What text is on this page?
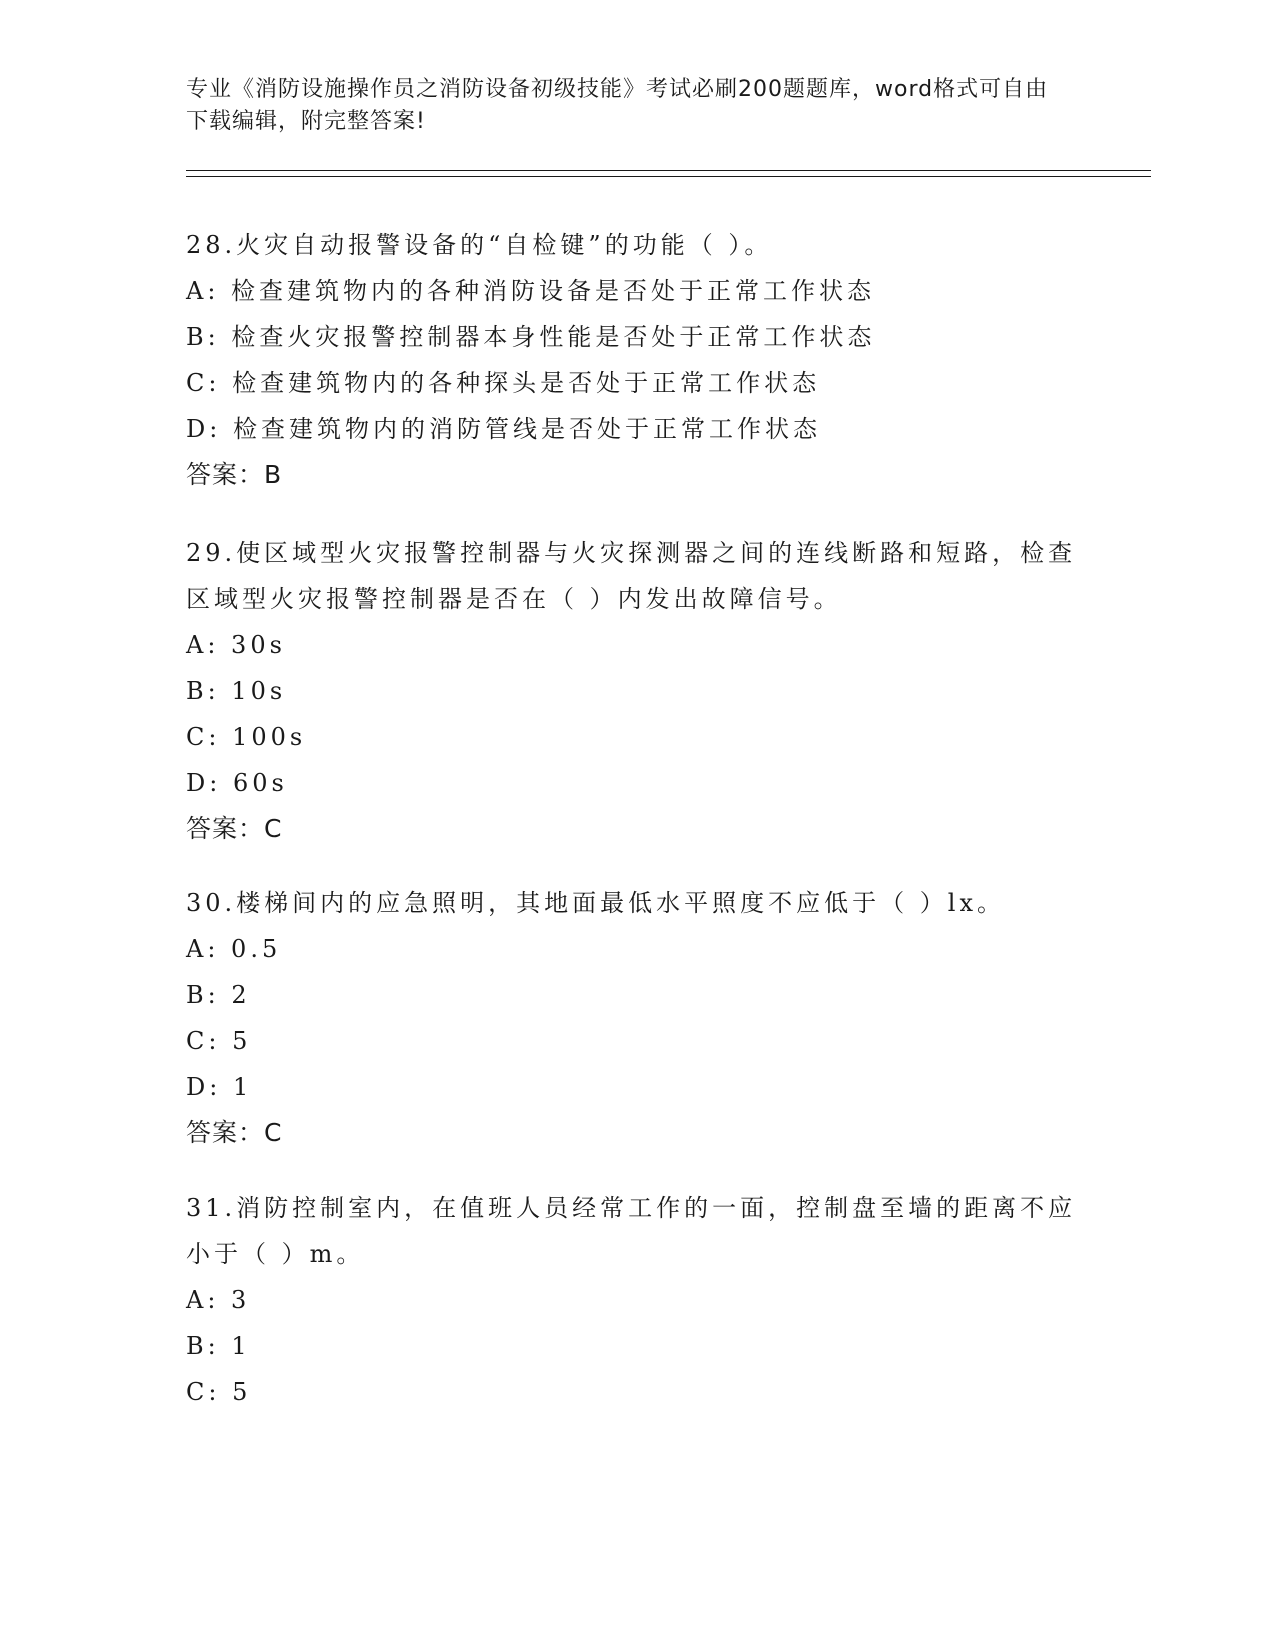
专业《消防设施操作员之消防设备初级技能》考试必刷200题题库，word格式可自由下载编辑，附完整答案!
28.火灾自动报警设备的“自检键”的功能（ ）。
A: 检查建筑物内的各种消防设备是否处于正常工作状态
B: 检查火灾报警控制器本身性能是否处于正常工作状态
C: 检查建筑物内的各种探头是否处于正常工作状态
D: 检查建筑物内的消防管线是否处于正常工作状态
答案：B
29.使区域型火灾报警控制器与火灾探测器之间的连线断路和短路，检查区域型火灾报警控制器是否在（ ）内发出故障信号。
A: 30s
B: 10s
C: 100s
D: 60s
答案：C
30.楼梯间内的应急照明，其地面最低水平照度不应低于（ ）lx。
A: 0.5
B: 2
C: 5
D: 1
答案：C
31.消防控制室内，在值班人员经常工作的一面，控制盘至墙的距离不应小于（ ）m。
A: 3
B: 1
C: 5
